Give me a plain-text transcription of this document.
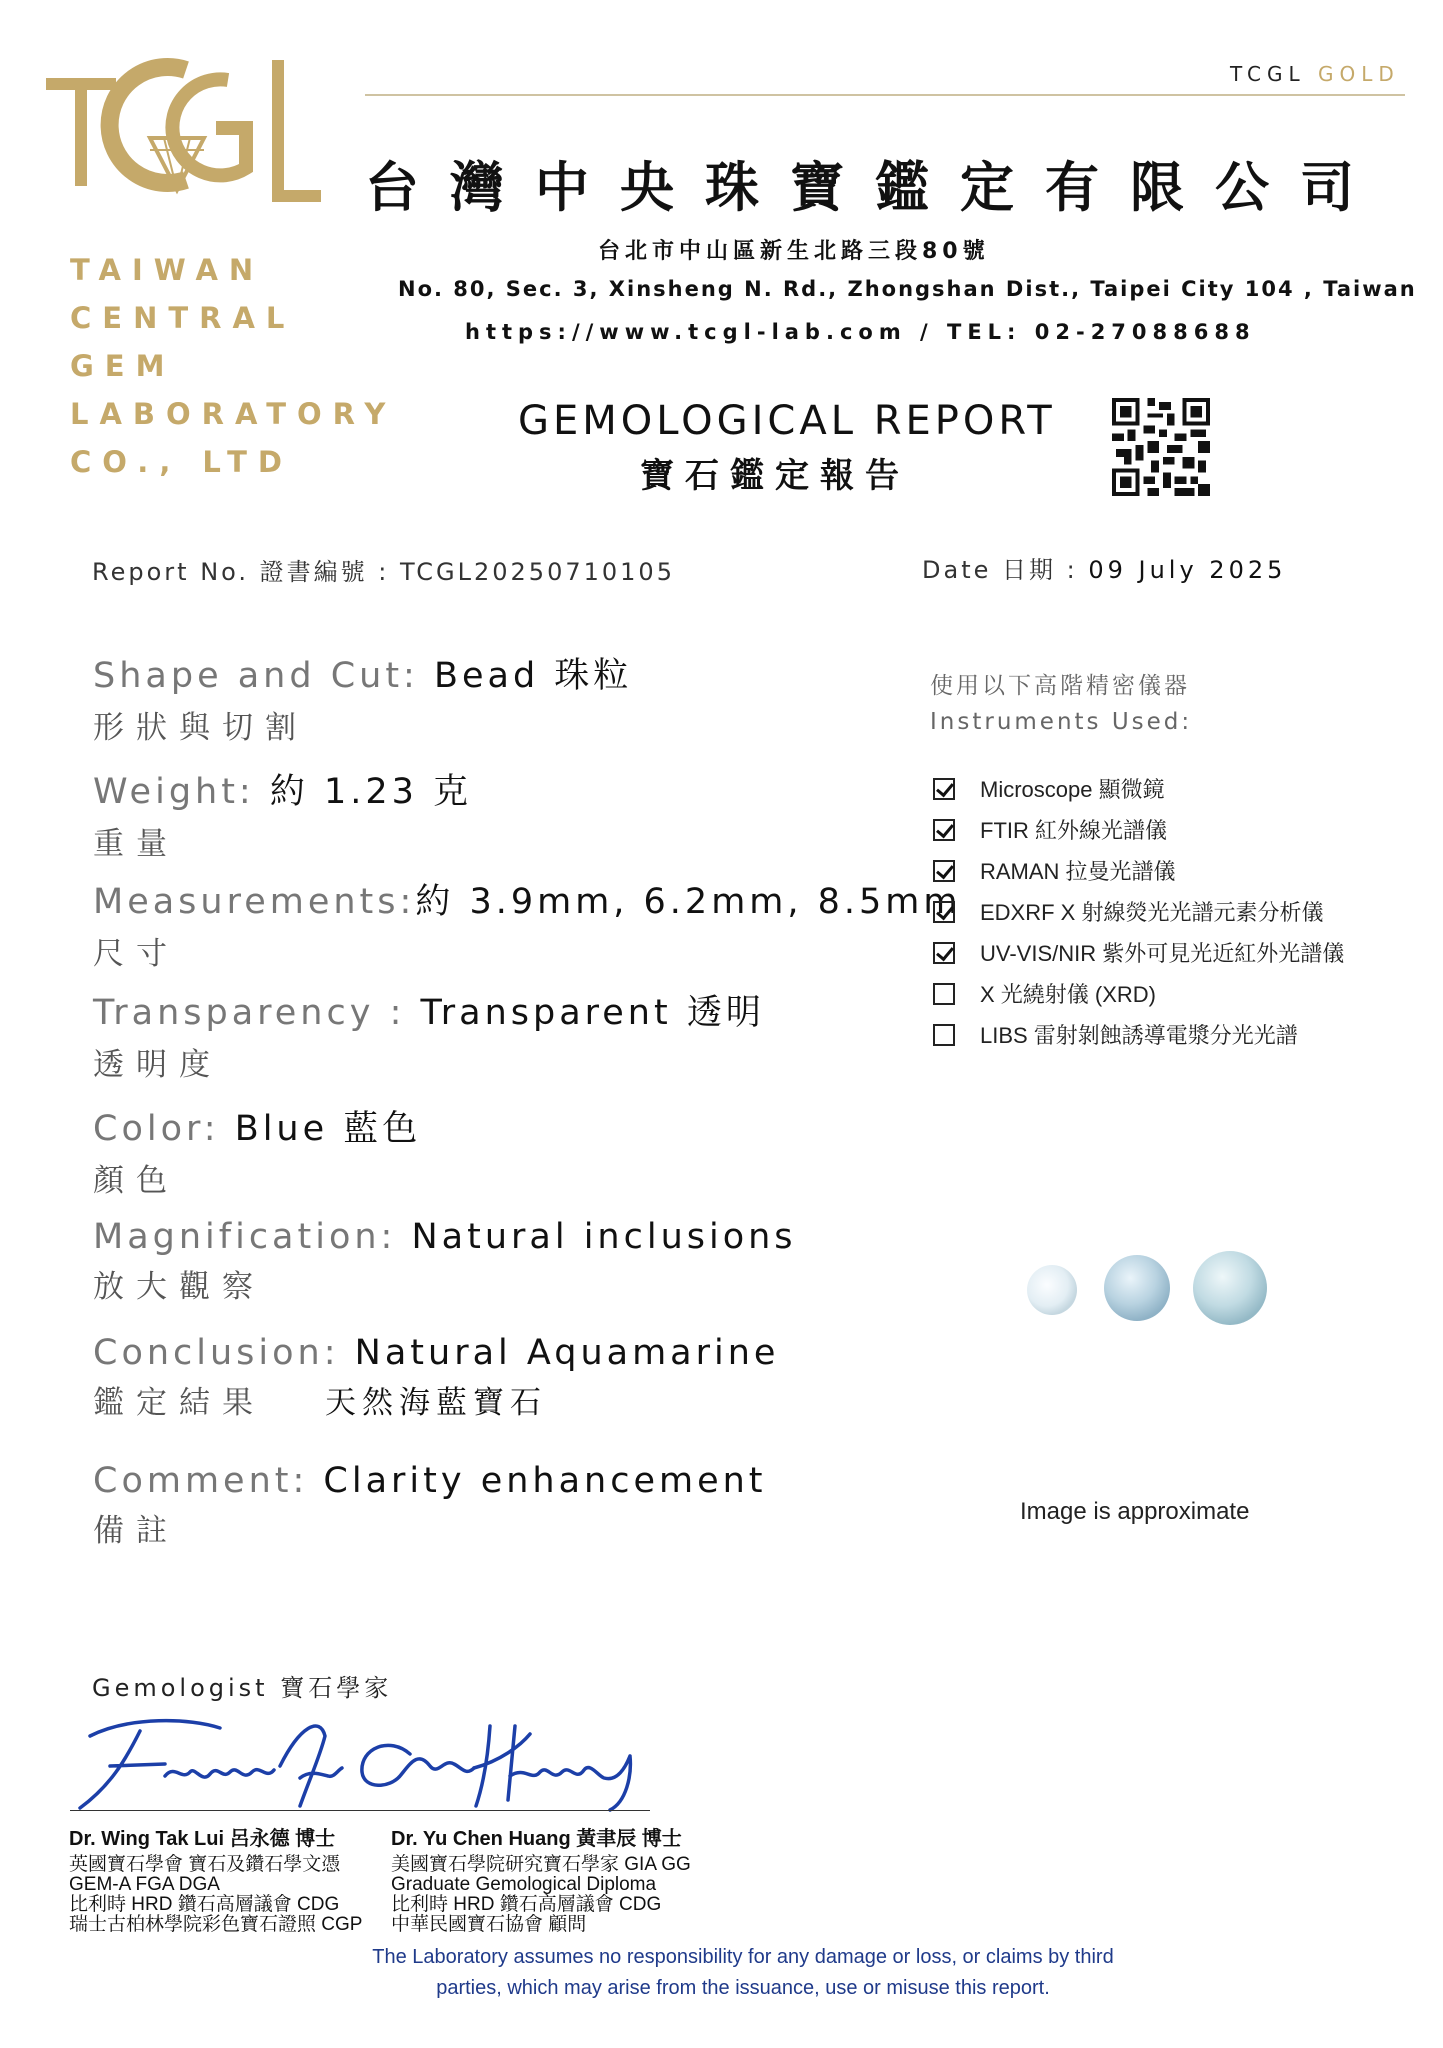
TCGL GOLD
TAIWAN
CENTRAL
GEM
LABORATORY
CO., LTD
台灣中央珠寶鑑定有限公司
台北市中山區新生北路三段80號
No. 80, Sec. 3, Xinsheng N. Rd., Zhongshan Dist., Taipei City 104 , Taiwan
https://www.tcgl-lab.com / TEL: 02-27088688
GEMOLOGICAL REPORT
寶石鑑定報告
Report No. 證書編號 : TCGL20250710105	Date 日期 : 09 July 2025
Shape and Cut: Bead 珠粒
形狀與切割
Weight: 約 1.23 克
重量
Measurements:約 3.9mm, 6.2mm, 8.5mm
尺寸
Transparency : Transparent 透明
透明度
Color: Blue 藍色
顏色
Magnification: Natural inclusions
放大觀察
Conclusion: Natural Aquamarine
鑑定結果 天然海藍寶石
Comment: Clarity enhancement
備註
使用以下高階精密儀器
Instruments Used:
Microscope 顯微鏡
FTIR 紅外線光譜儀
RAMAN 拉曼光譜儀
EDXRF X 射線熒光光譜元素分析儀
UV-VIS/NIR 紫外可見光近紅外光譜儀
X 光繞射儀 (XRD)
LIBS 雷射剝蝕誘導電漿分光光譜
Image is approximate
Gemologist 寶石學家
Dr. Wing Tak Lui 呂永德 博士
英國寶石學會 寶石及鑽石學文憑
GEM-A FGA DGA
比利時 HRD 鑽石高層議會 CDG
瑞士古柏林學院彩色寶石證照 CGP
Dr. Yu Chen Huang 黃聿辰 博士
美國寶石學院研究寶石學家 GIA GG
Graduate Gemological Diploma
比利時 HRD 鑽石高層議會 CDG
中華民國寶石協會 顧問
The Laboratory assumes no responsibility for any damage or loss, or claims by third
parties, which may arise from the issuance, use or misuse this report.
